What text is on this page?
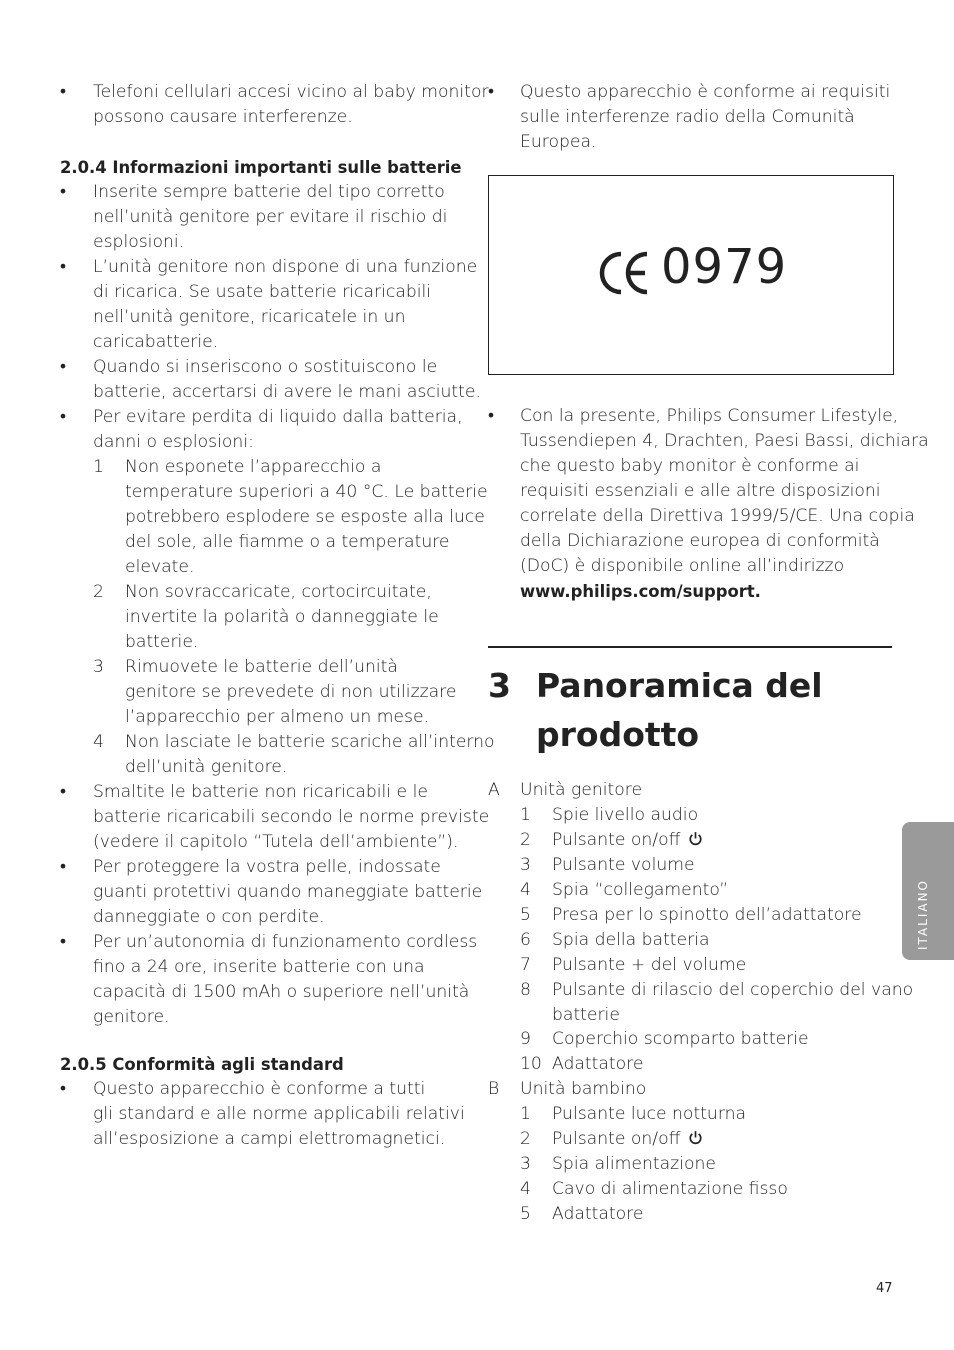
• Telefoni cellulari accesi vicino al baby monitor
possono causare interferenze.
2.0.4 Informazioni importanti sulle batterie
• Inserite sempre batterie del tipo corretto
nell’unità genitore per evitare il rischio di
esplosioni.
• L’unità genitore non dispone di una funzione
di ricarica. Se usate batterie ricaricabili
nell’unità genitore, ricaricatele in un
caricabatterie.
• Quando si inseriscono o sostituiscono le
batterie, accertarsi di avere le mani asciutte.
• Per evitare perdita di liquido dalla batteria,
danni o esplosioni:
1 Non esponete l’apparecchio a
temperature superiori a 40 °C. Le batterie
potrebbero esplodere se esposte alla luce
del sole, alle fiamme o a temperature
elevate.
2 Non sovraccaricate, cortocircuitate,
invertite la polarità o danneggiate le
batterie.
3 Rimuovete le batterie dell’unità
genitore se prevedete di non utilizzare
l’apparecchio per almeno un mese.
4 Non lasciate le batterie scariche all’interno
dell’unità genitore.
• Smaltite le batterie non ricaricabili e le
batterie ricaricabili secondo le norme previste
(vedere il capitolo “Tutela dell’ambiente”).
• Per proteggere la vostra pelle, indossate
guanti protettivi quando maneggiate batterie
danneggiate o con perdite.
• Per un’autonomia di funzionamento cordless
fino a 24 ore, inserite batterie con una
capacità di 1500 mAh o superiore nell’unità
genitore.
2.0.5 Conformità agli standard
• Questo apparecchio è conforme a tutti
gli standard e alle norme applicabili relativi
all’esposizione a campi elettromagnetici.
• Questo apparecchio è conforme ai requisiti
sulle interferenze radio della Comunità
Europea.
0979
• Con la presente, Philips Consumer Lifestyle,
Tussendiepen 4, Drachten, Paesi Bassi, dichiara
che questo baby monitor è conforme ai
requisiti essenziali e alle altre disposizioni
correlate della Direttiva 1999/5/CE. Una copia
della Dichiarazione europea di conformità
(DoC) è disponibile online all’indirizzo
www.philips.com/support.
3 Panoramica del
prodotto
A Unità genitore
1 Spie livello audio
2 Pulsante on/off
3 Pulsante volume
4 Spia “collegamento”
5 Presa per lo spinotto dell’adattatore
6 Spia della batteria
7 Pulsante + del volume
8 Pulsante di rilascio del coperchio del vano
batterie
9 Coperchio scomparto batterie
10 Adattatore
B Unità bambino
1 Pulsante luce notturna
2 Pulsante on/off
3 Spia alimentazione
4 Cavo di alimentazione fisso
5 Adattatore
ITALIANO
47
